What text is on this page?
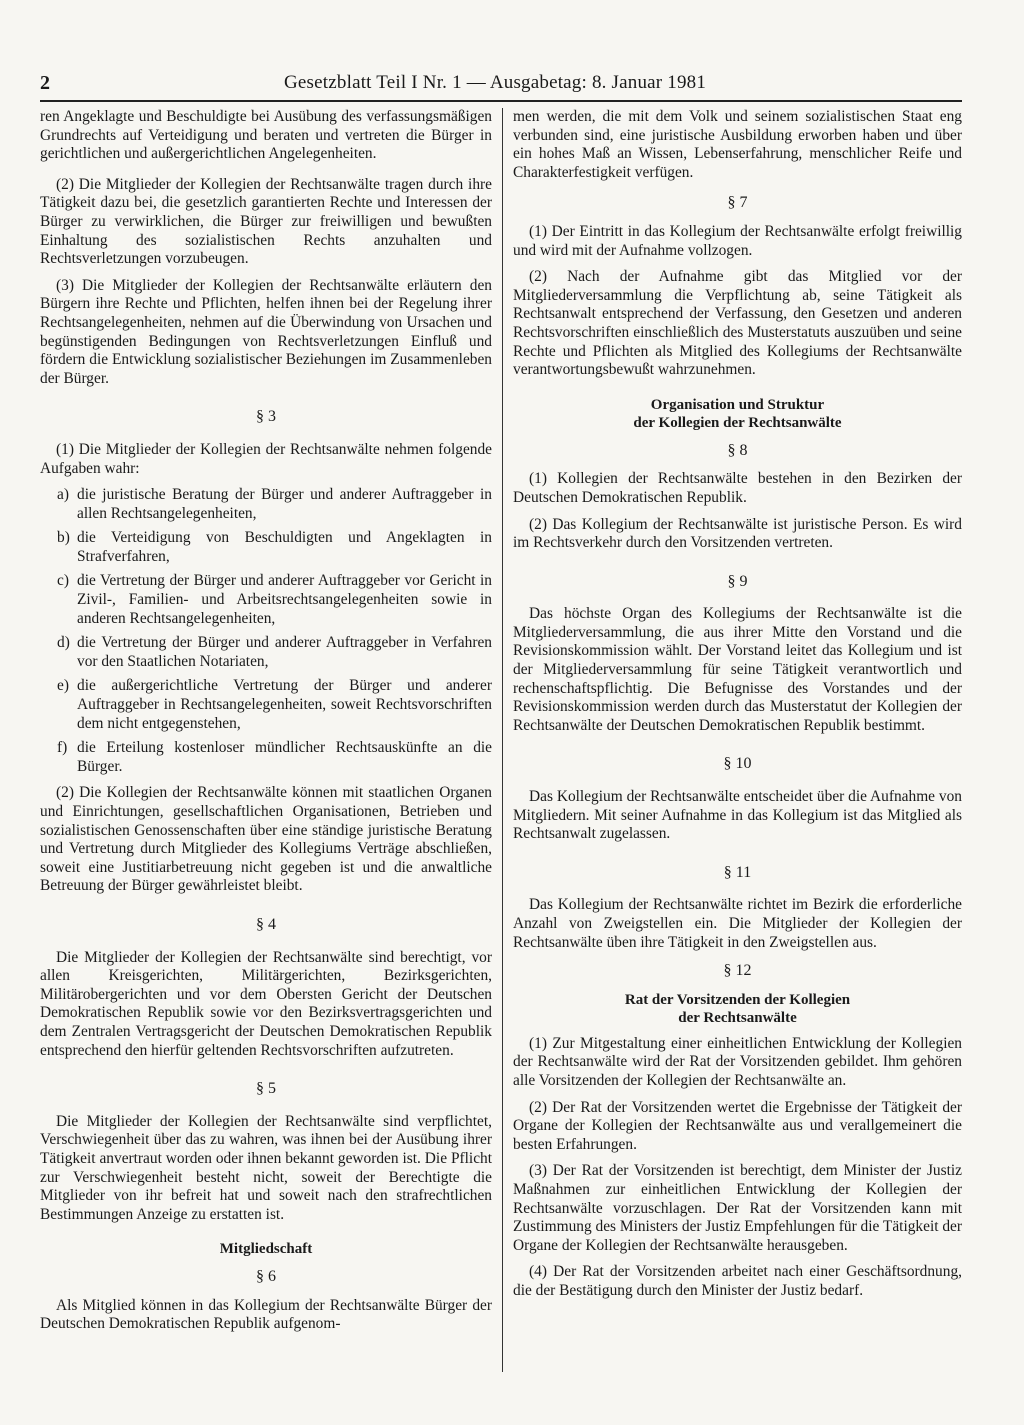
2	Gesetzblatt Teil I Nr. 1 — Ausgabetag: 8. Januar 1981

ren Angeklagte und Beschuldigte bei Ausübung des verfassungsmäßigen Grundrechts auf Verteidigung und beraten und vertreten die Bürger in gerichtlichen und außergerichtlichen Angelegenheiten.

(2) Die Mitglieder der Kollegien der Rechtsanwälte tragen durch ihre Tätigkeit dazu bei, die gesetzlich garantierten Rechte und Interessen der Bürger zu verwirklichen, die Bürger zur freiwilligen und bewußten Einhaltung des sozialistischen Rechts anzuhalten und Rechtsverletzungen vorzubeugen.

(3) Die Mitglieder der Kollegien der Rechtsanwälte erläutern den Bürgern ihre Rechte und Pflichten, helfen ihnen bei der Regelung ihrer Rechtsangelegenheiten, nehmen auf die Überwindung von Ursachen und begünstigenden Bedingungen von Rechtsverletzungen Einfluß und fördern die Entwicklung sozialistischer Beziehungen im Zusammenleben der Bürger.

§ 3

(1) Die Mitglieder der Kollegien der Rechtsanwälte nehmen folgende Aufgaben wahr:

a) die juristische Beratung der Bürger und anderer Auftraggeber in allen Rechtsangelegenheiten,
b) die Verteidigung von Beschuldigten und Angeklagten in Strafverfahren,
c) die Vertretung der Bürger und anderer Auftraggeber vor Gericht in Zivil-, Familien- und Arbeitsrechtsangelegenheiten sowie in anderen Rechtsangelegenheiten,
d) die Vertretung der Bürger und anderer Auftraggeber in Verfahren vor den Staatlichen Notariaten,
e) die außergerichtliche Vertretung der Bürger und anderer Auftraggeber in Rechtsangelegenheiten, soweit Rechtsvorschriften dem nicht entgegenstehen,
f) die Erteilung kostenloser mündlicher Rechtsauskünfte an die Bürger.

(2) Die Kollegien der Rechtsanwälte können mit staatlichen Organen und Einrichtungen, gesellschaftlichen Organisationen, Betrieben und sozialistischen Genossenschaften über eine ständige juristische Beratung und Vertretung durch Mitglieder des Kollegiums Verträge abschließen, soweit eine Justitiarbetreuung nicht gegeben ist und die anwaltliche Betreuung der Bürger gewährleistet bleibt.

§ 4

Die Mitglieder der Kollegien der Rechtsanwälte sind berechtigt, vor allen Kreisgerichten, Militärgerichten, Bezirksgerichten, Militärobergerichten und vor dem Obersten Gericht der Deutschen Demokratischen Republik sowie vor den Bezirksvertragsgerichten und dem Zentralen Vertragsgericht der Deutschen Demokratischen Republik entsprechend den hierfür geltenden Rechtsvorschriften aufzutreten.

§ 5

Die Mitglieder der Kollegien der Rechtsanwälte sind verpflichtet, Verschwiegenheit über das zu wahren, was ihnen bei der Ausübung ihrer Tätigkeit anvertraut worden oder ihnen bekannt geworden ist. Die Pflicht zur Verschwiegenheit besteht nicht, soweit der Berechtigte die Mitglieder von ihr befreit hat und soweit nach den strafrechtlichen Bestimmungen Anzeige zu erstatten ist.

Mitgliedschaft
§ 6

Als Mitglied können in das Kollegium der Rechtsanwälte Bürger der Deutschen Demokratischen Republik aufgenom-

men werden, die mit dem Volk und seinem sozialistischen Staat eng verbunden sind, eine juristische Ausbildung erworben haben und über ein hohes Maß an Wissen, Lebenserfahrung, menschlicher Reife und Charakterfestigkeit verfügen.

§ 7

(1) Der Eintritt in das Kollegium der Rechtsanwälte erfolgt freiwillig und wird mit der Aufnahme vollzogen.

(2) Nach der Aufnahme gibt das Mitglied vor der Mitgliederversammlung die Verpflichtung ab, seine Tätigkeit als Rechtsanwalt entsprechend der Verfassung, den Gesetzen und anderen Rechtsvorschriften einschließlich des Musterstatuts auszuüben und seine Rechte und Pflichten als Mitglied des Kollegiums der Rechtsanwälte verantwortungsbewußt wahrzunehmen.

Organisation und Struktur
der Kollegien der Rechtsanwälte
§ 8

(1) Kollegien der Rechtsanwälte bestehen in den Bezirken der Deutschen Demokratischen Republik.

(2) Das Kollegium der Rechtsanwälte ist juristische Person. Es wird im Rechtsverkehr durch den Vorsitzenden vertreten.

§ 9

Das höchste Organ des Kollegiums der Rechtsanwälte ist die Mitgliederversammlung, die aus ihrer Mitte den Vorstand und die Revisionskommission wählt. Der Vorstand leitet das Kollegium und ist der Mitgliederversammlung für seine Tätigkeit verantwortlich und rechenschaftspflichtig. Die Befugnisse des Vorstandes und der Revisionskommission werden durch das Musterstatut der Kollegien der Rechtsanwälte der Deutschen Demokratischen Republik bestimmt.

§ 10

Das Kollegium der Rechtsanwälte entscheidet über die Aufnahme von Mitgliedern. Mit seiner Aufnahme in das Kollegium ist das Mitglied als Rechtsanwalt zugelassen.

§ 11

Das Kollegium der Rechtsanwälte richtet im Bezirk die erforderliche Anzahl von Zweigstellen ein. Die Mitglieder der Kollegien der Rechtsanwälte üben ihre Tätigkeit in den Zweigstellen aus.

§ 12
Rat der Vorsitzenden der Kollegien
der Rechtsanwälte

(1) Zur Mitgestaltung einer einheitlichen Entwicklung der Kollegien der Rechtsanwälte wird der Rat der Vorsitzenden gebildet. Ihm gehören alle Vorsitzenden der Kollegien der Rechtsanwälte an.

(2) Der Rat der Vorsitzenden wertet die Ergebnisse der Tätigkeit der Organe der Kollegien der Rechtsanwälte aus und verallgemeinert die besten Erfahrungen.

(3) Der Rat der Vorsitzenden ist berechtigt, dem Minister der Justiz Maßnahmen zur einheitlichen Entwicklung der Kollegien der Rechtsanwälte vorzuschlagen. Der Rat der Vorsitzenden kann mit Zustimmung des Ministers der Justiz Empfehlungen für die Tätigkeit der Organe der Kollegien der Rechtsanwälte herausgeben.

(4) Der Rat der Vorsitzenden arbeitet nach einer Geschäftsordnung, die der Bestätigung durch den Minister der Justiz bedarf.
